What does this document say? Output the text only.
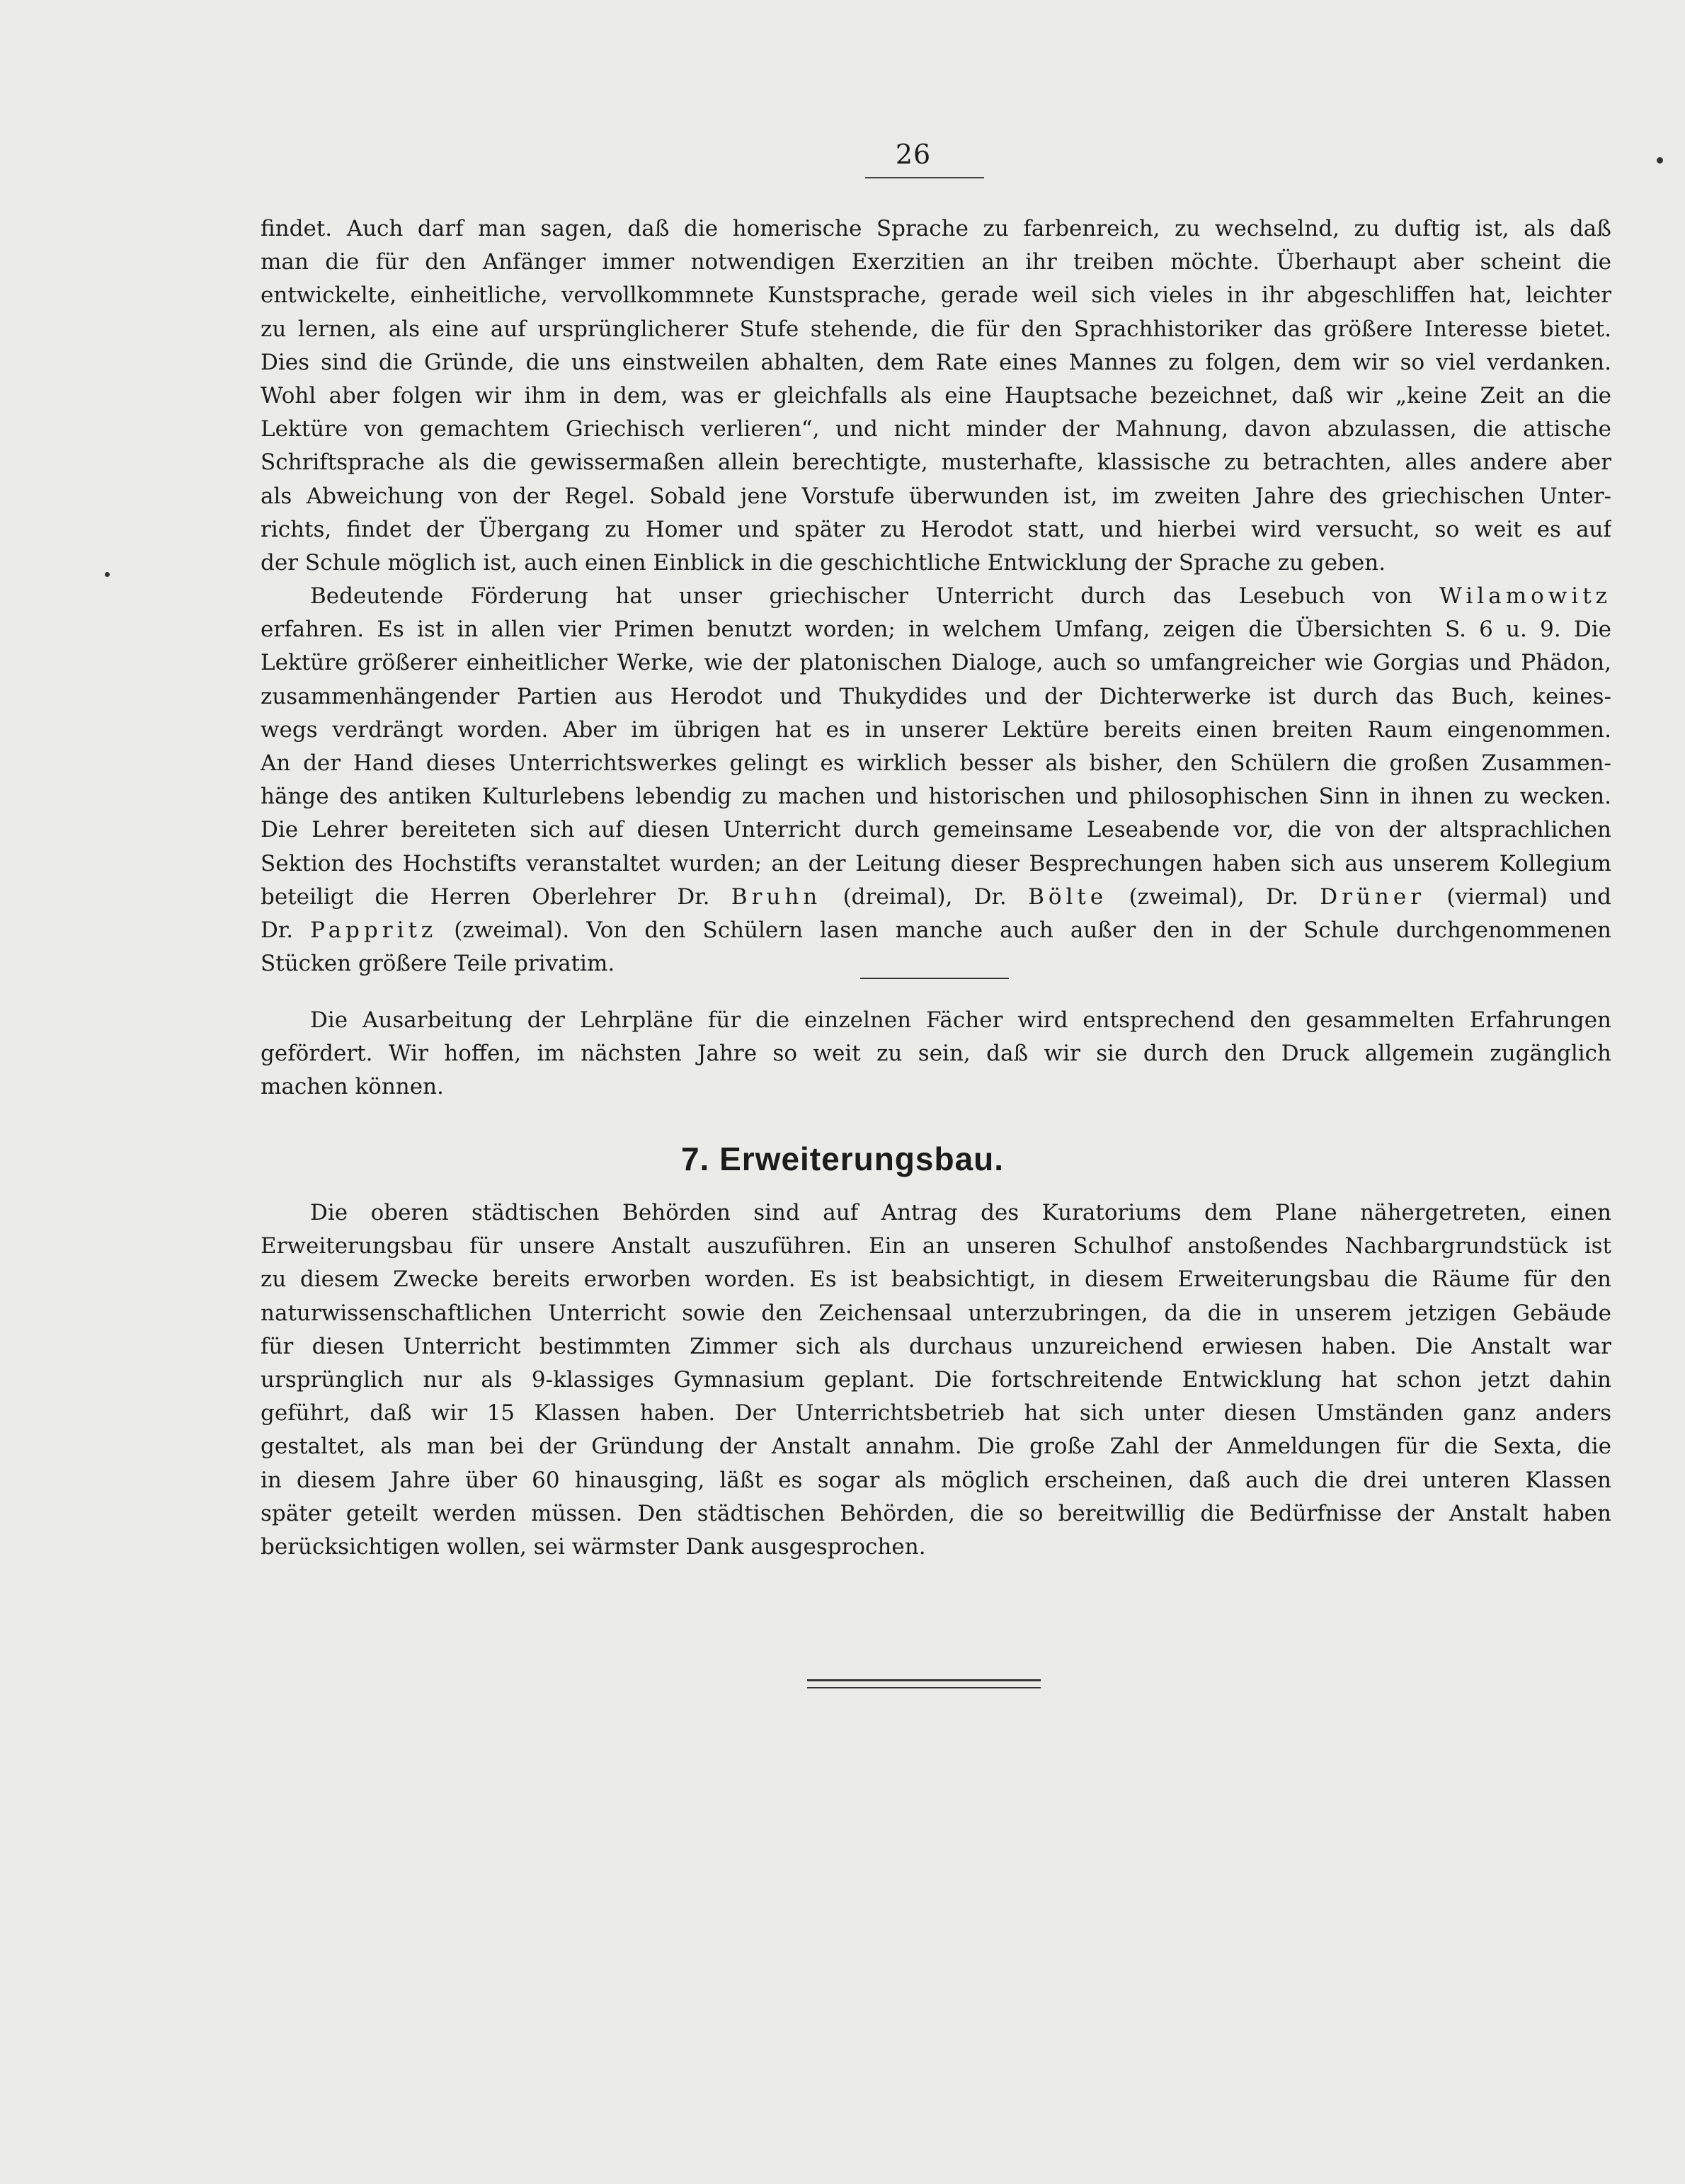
26
findet. Auch darf man sagen, daß die homerische Sprache zu farbenreich, zu wechselnd, zu duftig ist, als daß
man die für den Anfänger immer notwendigen Exerzitien an ihr treiben möchte. Überhaupt aber scheint die
entwickelte, einheitliche, vervollkommnete Kunstsprache, gerade weil sich vieles in ihr abgeschliffen hat, leichter
zu lernen, als eine auf ursprünglicherer Stufe stehende, die für den Sprachhistoriker das größere Interesse bietet.
Dies sind die Gründe, die uns einstweilen abhalten, dem Rate eines Mannes zu folgen, dem wir so viel verdanken.
Wohl aber folgen wir ihm in dem, was er gleichfalls als eine Hauptsache bezeichnet, daß wir „keine Zeit an die
Lektüre von gemachtem Griechisch verlieren“, und nicht minder der Mahnung, davon abzulassen, die attische
Schriftsprache als die gewissermaßen allein berechtigte, musterhafte, klassische zu betrachten, alles andere aber
als Abweichung von der Regel. Sobald jene Vorstufe überwunden ist, im zweiten Jahre des griechischen Unter-
richts, findet der Übergang zu Homer und später zu Herodot statt, und hierbei wird versucht, so weit es auf
der Schule möglich ist, auch einen Einblick in die geschichtliche Entwicklung der Sprache zu geben.
Bedeutende Förderung hat unser griechischer Unterricht durch das Lesebuch von Wilamowitz
erfahren. Es ist in allen vier Primen benutzt worden; in welchem Umfang, zeigen die Übersichten S. 6 u. 9. Die
Lektüre größerer einheitlicher Werke, wie der platonischen Dialoge, auch so umfangreicher wie Gorgias und Phädon,
zusammenhängender Partien aus Herodot und Thukydides und der Dichterwerke ist durch das Buch, keines-
wegs verdrängt worden. Aber im übrigen hat es in unserer Lektüre bereits einen breiten Raum eingenommen.
An der Hand dieses Unterrichtswerkes gelingt es wirklich besser als bisher, den Schülern die großen Zusammen-
hänge des antiken Kulturlebens lebendig zu machen und historischen und philosophischen Sinn in ihnen zu wecken.
Die Lehrer bereiteten sich auf diesen Unterricht durch gemeinsame Leseabende vor, die von der altsprachlichen
Sektion des Hochstifts veranstaltet wurden; an der Leitung dieser Besprechungen haben sich aus unserem Kollegium
beteiligt die Herren Oberlehrer Dr. Bruhn (dreimal), Dr. Bölte (zweimal), Dr. Drüner (viermal) und
Dr. Pappritz (zweimal). Von den Schülern lasen manche auch außer den in der Schule durchgenommenen
Stücken größere Teile privatim.
Die Ausarbeitung der Lehrpläne für die einzelnen Fächer wird entsprechend den gesammelten Erfahrungen
gefördert. Wir hoffen, im nächsten Jahre so weit zu sein, daß wir sie durch den Druck allgemein zugänglich
machen können.
7. Erweiterungsbau.
Die oberen städtischen Behörden sind auf Antrag des Kuratoriums dem Plane nähergetreten, einen
Erweiterungsbau für unsere Anstalt auszuführen. Ein an unseren Schulhof anstoßendes Nachbargrundstück ist
zu diesem Zwecke bereits erworben worden. Es ist beabsichtigt, in diesem Erweiterungsbau die Räume für den
naturwissenschaftlichen Unterricht sowie den Zeichensaal unterzubringen, da die in unserem jetzigen Gebäude
für diesen Unterricht bestimmten Zimmer sich als durchaus unzureichend erwiesen haben. Die Anstalt war
ursprünglich nur als 9-klassiges Gymnasium geplant. Die fortschreitende Entwicklung hat schon jetzt dahin
geführt, daß wir 15 Klassen haben. Der Unterrichtsbetrieb hat sich unter diesen Umständen ganz anders
gestaltet, als man bei der Gründung der Anstalt annahm. Die große Zahl der Anmeldungen für die Sexta, die
in diesem Jahre über 60 hinausging, läßt es sogar als möglich erscheinen, daß auch die drei unteren Klassen
später geteilt werden müssen. Den städtischen Behörden, die so bereitwillig die Bedürfnisse der Anstalt haben
berücksichtigen wollen, sei wärmster Dank ausgesprochen.
